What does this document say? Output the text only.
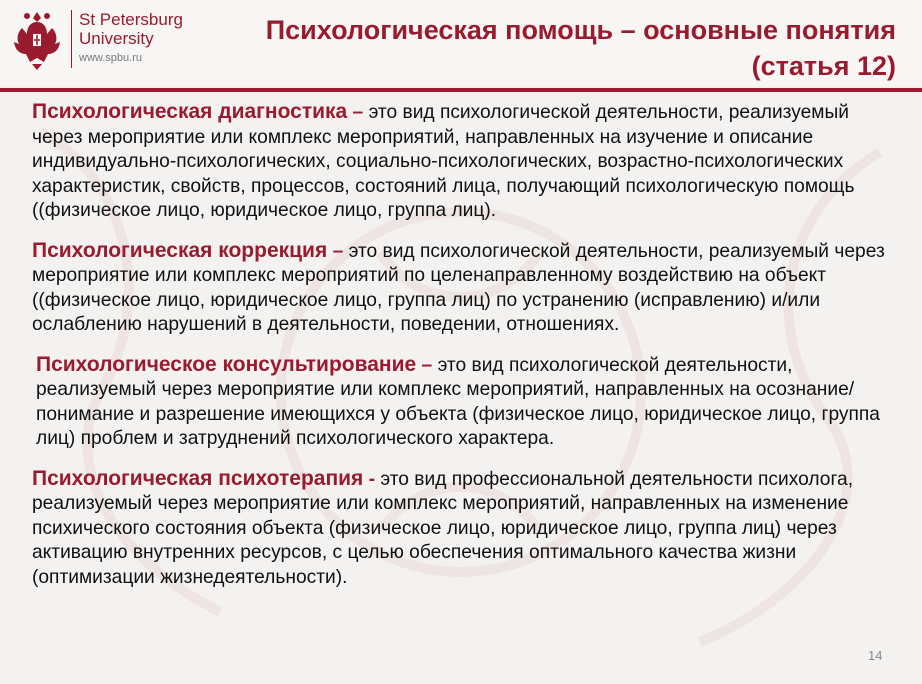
St Petersburg
University
www.spbu.ru
Психологическая помощь – основные понятия
(статья 12)

Психологическая диагностика – это вид психологической деятельности, реализуемый через мероприятие или комплекс мероприятий, направленных на изучение и описание индивидуально-психологических, социально-психологических, возрастно-психологических характеристик, свойств, процессов, состояний лица, получающий психологическую помощь ((физическое лицо, юридическое лицо, группа лиц).

Психологическая коррекция – это вид психологической деятельности, реализуемый через мероприятие или комплекс мероприятий по целенаправленному воздействию на объект ((физическое лицо, юридическое лицо, группа лиц) по устранению (исправлению) и/или ослаблению нарушений в деятельности, поведении, отношениях.

Психологическое консультирование – это вид психологической деятельности, реализуемый через мероприятие или комплекс мероприятий, направленных на осознание/понимание и разрешение имеющихся у объекта (физическое лицо, юридическое лицо, группа лиц) проблем и затруднений психологического характера.

Психологическая психотерапия - это вид профессиональной деятельности психолога, реализуемый через мероприятие или комплекс мероприятий, направленных на изменение психического состояния объекта (физическое лицо, юридическое лицо, группа лиц) через активацию внутренних ресурсов, с целью обеспечения оптимального качества жизни (оптимизации жизнедеятельности).

14
